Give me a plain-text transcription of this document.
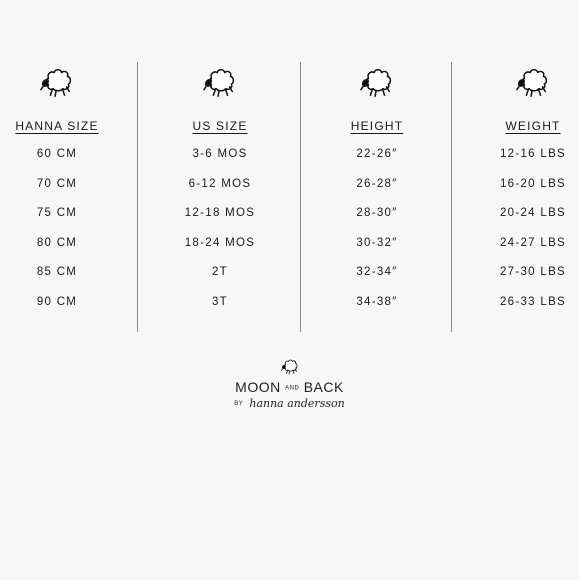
HANNA SIZE
60 CM
70 CM
75 CM
80 CM
85 CM
90 CM
US SIZE
3-6 MOS
6-12 MOS
12-18 MOS
18-24 MOS
2T
3T
HEIGHT
22-26″
26-28″
28-30″
30-32″
32-34″
34-38″
WEIGHT
12-16 LBS
16-20 LBS
20-24 LBS
24-27 LBS
27-30 LBS
26-33 LBS
MOON AND BACK
BY hanna andersson
